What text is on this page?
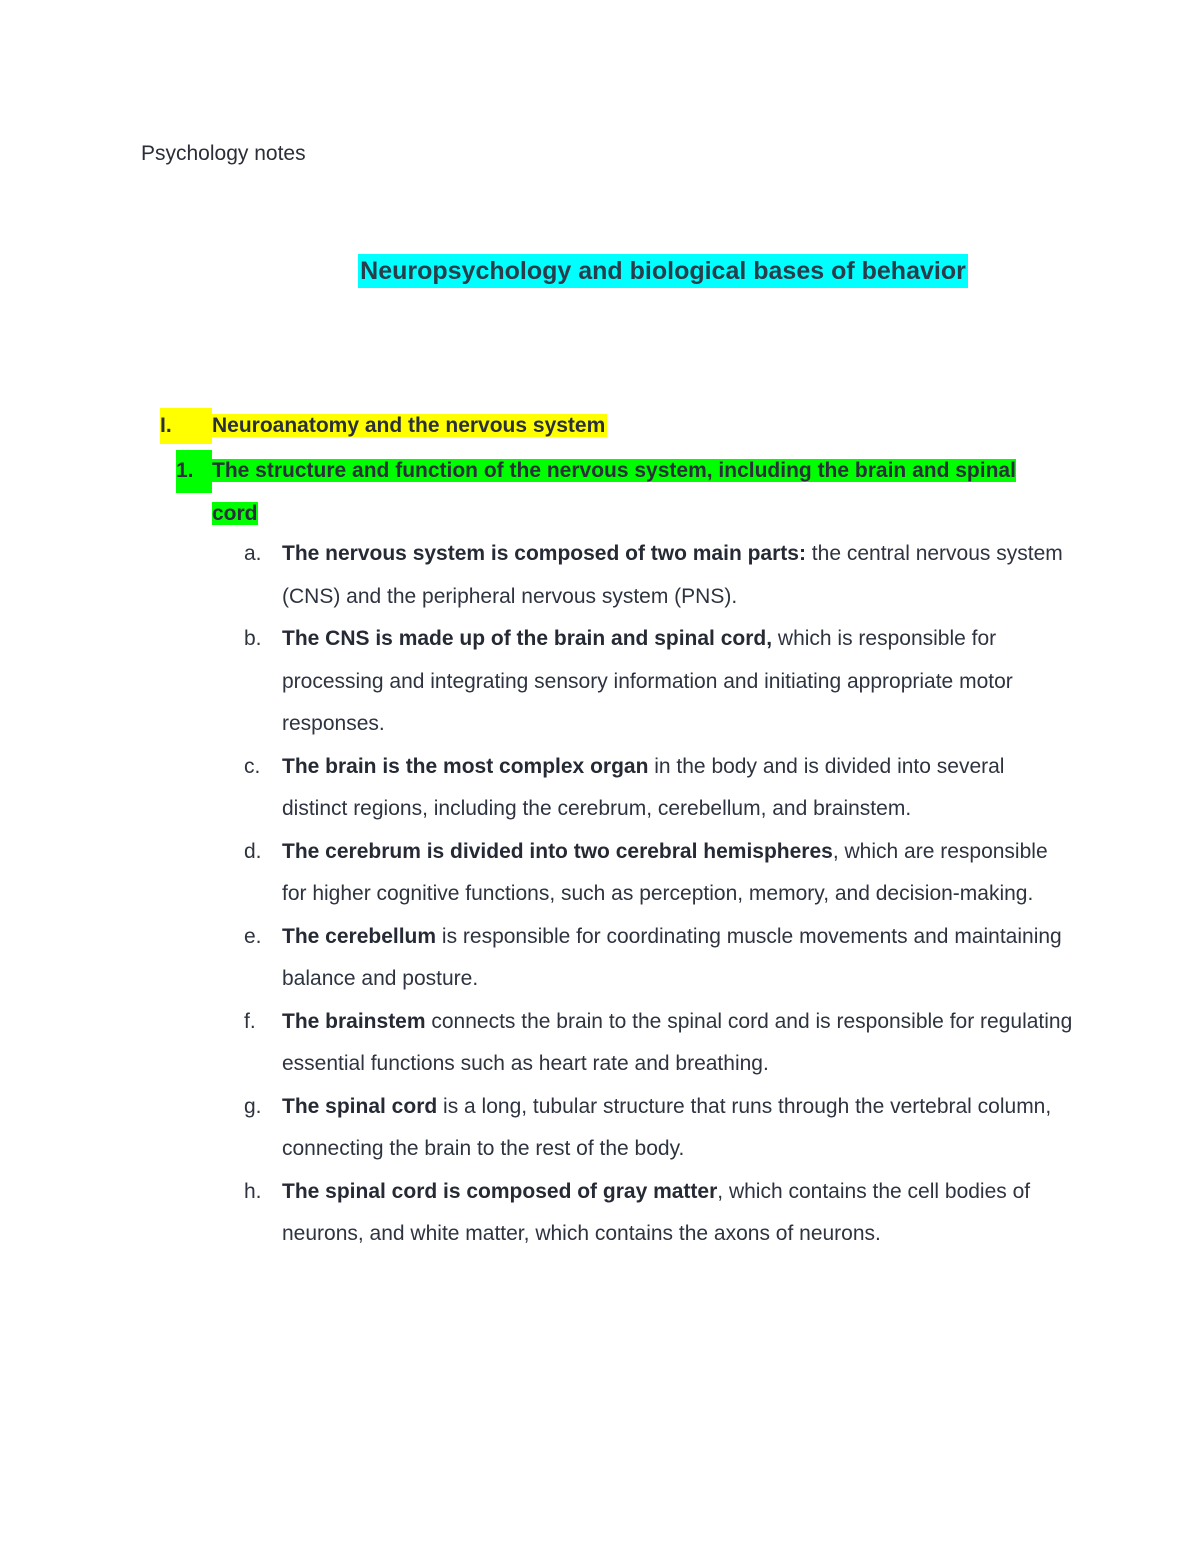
Psychology notes
Neuropsychology and biological bases of behavior
I. Neuroanatomy and the nervous system
1. The structure and function of the nervous system, including the brain and spinal cord
a. The nervous system is composed of two main parts: the central nervous system (CNS) and the peripheral nervous system (PNS).
b. The CNS is made up of the brain and spinal cord, which is responsible for processing and integrating sensory information and initiating appropriate motor responses.
c.	The brain is the most complex organ in the body and is divided into several distinct regions, including the cerebrum, cerebellum, and brainstem.
d. The cerebrum is divided into two cerebral hemispheres, which are responsible for higher cognitive functions, such as perception, memory, and decision-making.
e. The cerebellum is responsible for coordinating muscle movements and maintaining balance and posture.
f.	The brainstem connects the brain to the spinal cord and is responsible for regulating essential functions such as heart rate and breathing.
g. The spinal cord is a long, tubular structure that runs through the vertebral column, connecting the brain to the rest of the body.
h. The spinal cord is composed of gray matter, which contains the cell bodies of neurons, and white matter, which contains the axons of neurons.
